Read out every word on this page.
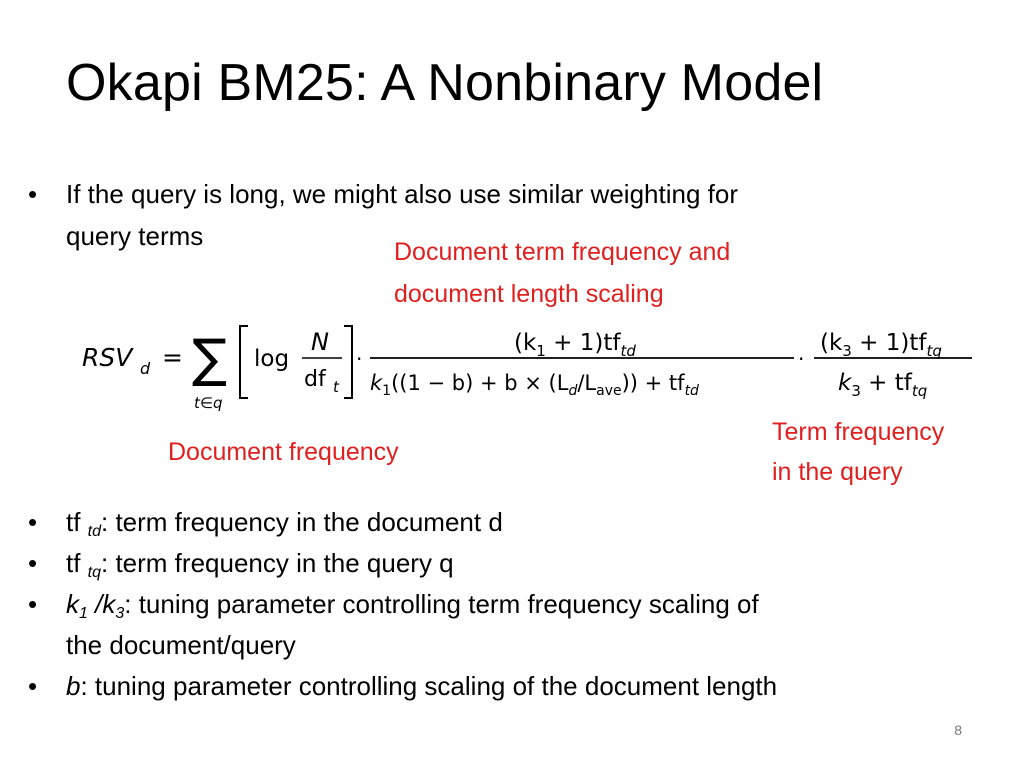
Okapi BM25: A Nonbinary Model
• If the query is long, we might also use similar weighting for
query terms
Document term frequency and
document length scaling
RSV d = ∑
t∈q
log
N
df t
·
$(k_1 + 1)tf_{td}$
$k_1((1 - b) + b \times (L_d/L_{ave})) + tf_{td}$
·
$(k_3 + 1)tf_{tq}$
$k_3 + tf_{tq}$
Document frequency
Term frequency
in the query
• tf $_{td}$: term frequency in the document d
• tf $_{tq}$: term frequency in the query q
• $k_1$ $/k_3$: tuning parameter controlling term frequency scaling of
the document/query
• b: tuning parameter controlling scaling of the document length
8
